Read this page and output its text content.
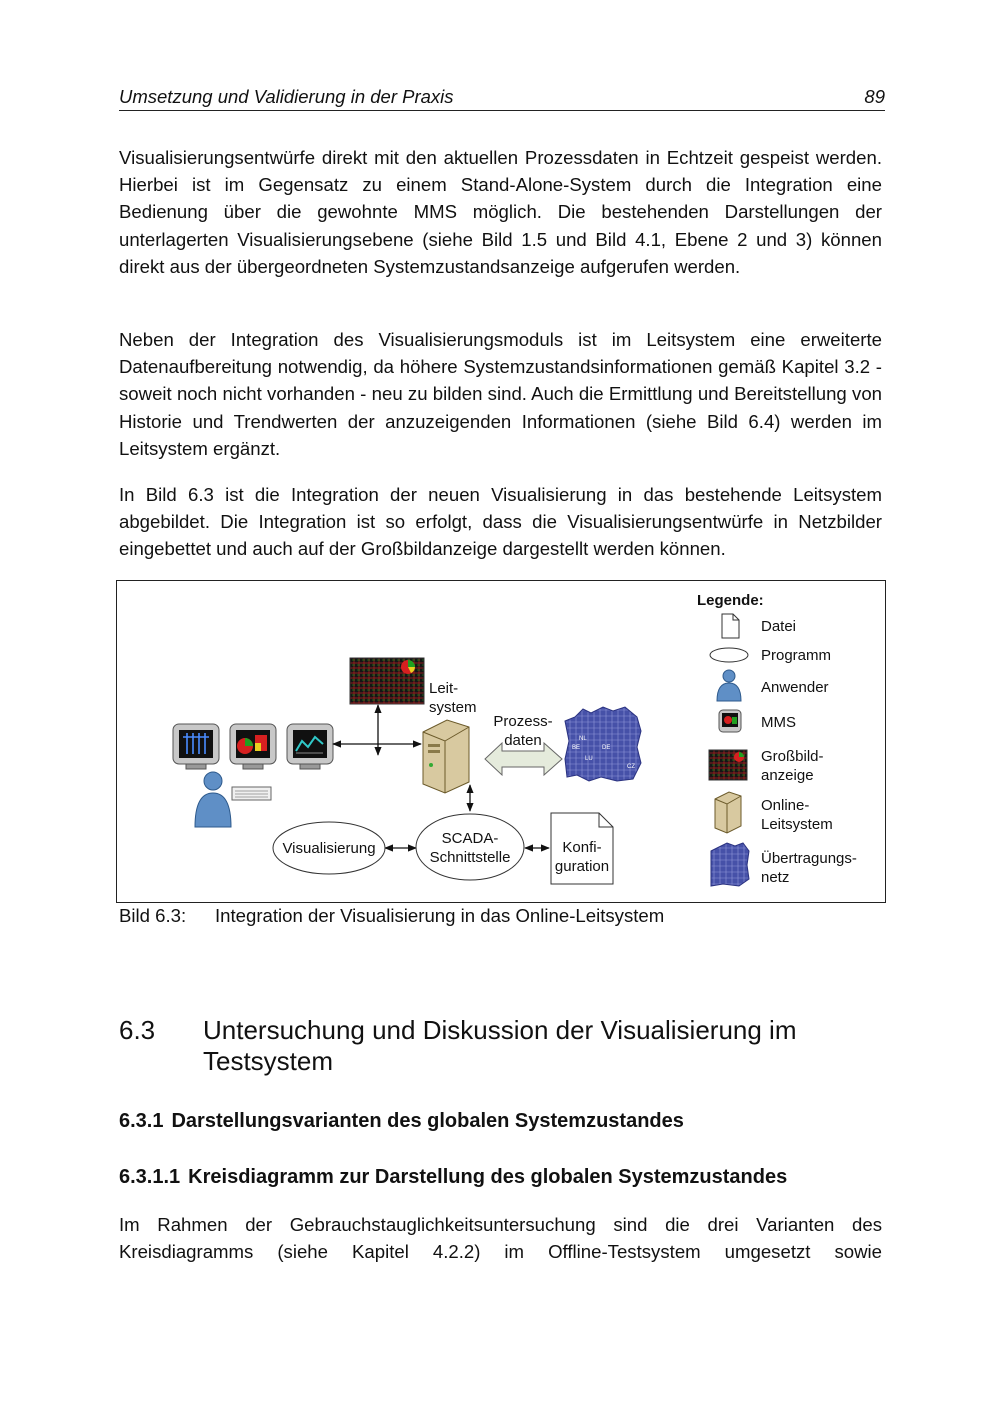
Umsetzung und Validierung in der Praxis	89

Visualisierungsentwürfe direkt mit den aktuellen Prozessdaten in Echtzeit gespeist werden. Hierbei ist im Gegensatz zu einem Stand-Alone-System durch die Integration eine Bedienung über die gewohnte MMS möglich. Die bestehenden Darstellungen der unterlagerten Visualisierungsebene (siehe Bild 1.5 und Bild 4.1, Ebene 2 und 3) können direkt aus der übergeordneten Systemzustandsanzeige aufgerufen werden.

Neben der Integration des Visualisierungsmoduls ist im Leitsystem eine erweiterte Datenaufbereitung notwendig, da höhere Systemzustandsinformationen gemäß Kapitel 3.2 - soweit noch nicht vorhanden - neu zu bilden sind. Auch die Ermittlung und Bereitstellung von Historie und Trendwerten der anzuzeigenden Informationen (siehe Bild 6.4) werden im Leitsystem ergänzt.

In Bild 6.3 ist die Integration der neuen Visualisierung in das bestehende Leitsystem abgebildet. Die Integration ist so erfolgt, dass die Visualisierungsentwürfe in Netzbilder eingebettet und auch auf der Großbildanzeige dargestellt werden können.

Leit-
system
Prozess-
daten	NL
BE	DE
LU
CZ
Visualisierung
SCADA-
Schnittstelle
Konfi-
guration
Legende:
Datei
Programm
Anwender
MMS
Großbild-
anzeige
Online-
Leitsystem
Übertragungs-
netz
Bild 6.3: Integration der Visualisierung in das Online-Leitsystem
6.3 Untersuchung und Diskussion der Visualisierung im Testsystem
6.3.1 Darstellungsvarianten des globalen Systemzustandes
6.3.1.1 Kreisdiagramm zur Darstellung des globalen Systemzustandes

Im Rahmen der Gebrauchstauglichkeitsuntersuchung sind die drei Varianten des Kreisdiagramms (siehe Kapitel 4.2.2) im Offline-Testsystem umgesetzt sowie
